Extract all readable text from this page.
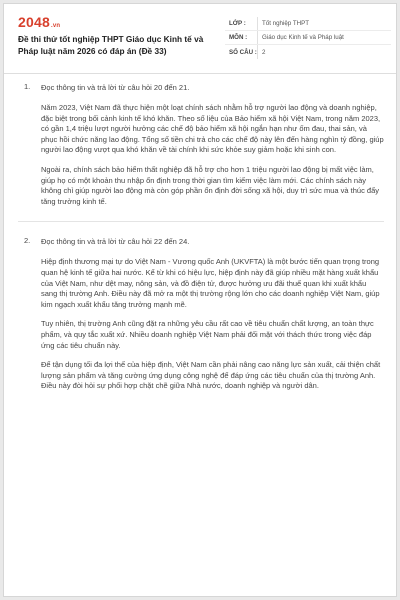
2048.vn
Đề thi thử tốt nghiệp THPT Giáo dục Kinh tế và Pháp luật năm 2026 có đáp án (Đề 33)
LỚP :	Tốt nghiệp THPT
MÔN :	Giáo dục Kinh tế và Pháp luật
SỐ CÂU : 2
1. Đọc thông tin và trả lời từ câu hỏi 20 đến 21.

Năm 2023, Việt Nam đã thực hiện một loạt chính sách nhằm hỗ trợ người lao động và doanh nghiệp, đặc biệt trong bối cảnh kinh tế khó khăn. Theo số liệu của Bảo hiểm xã hội Việt Nam, trong năm 2023, có gần 1,4 triệu lượt người hưởng các chế độ bảo hiểm xã hội ngắn hạn như ốm đau, thai sản, và phục hồi chức năng lao động. Tổng số tiền chi trả cho các chế độ này lên đến hàng nghìn tỷ đồng, giúp người lao động vượt qua khó khăn về tài chính khi sức khỏe suy giảm hoặc khi sinh con.

Ngoài ra, chính sách bảo hiểm thất nghiệp đã hỗ trợ cho hơn 1 triệu người lao động bị mất việc làm, giúp họ có một khoản thu nhập ổn định trong thời gian tìm kiếm việc làm mới. Các chính sách này không chỉ giúp người lao động mà còn góp phần ổn định đời sống xã hội, duy trì sức mua và thúc đẩy tăng trưởng kinh tế.

2. Đọc thông tin và trả lời từ câu hỏi 22 đến 24.

Hiệp định thương mại tự do Việt Nam - Vương quốc Anh (UKVFTA) là một bước tiến quan trọng trong quan hệ kinh tế giữa hai nước. Kể từ khi có hiệu lực, hiệp định này đã giúp nhiều mặt hàng xuất khẩu của Việt Nam, như dệt may, nông sản, và đồ điện tử, được hưởng ưu đãi thuế quan khi xuất khẩu sang thị trường Anh. Điều này đã mở ra một thị trường rộng lớn cho các doanh nghiệp Việt Nam, giúp kim ngạch xuất khẩu tăng trưởng mạnh mẽ.

Tuy nhiên, thị trường Anh cũng đặt ra những yêu cầu rất cao về tiêu chuẩn chất lượng, an toàn thực phẩm, và quy tắc xuất xứ. Nhiều doanh nghiệp Việt Nam phải đối mặt với thách thức trong việc đáp ứng các tiêu chuẩn này.

Để tận dụng tối đa lợi thế của hiệp định, Việt Nam cần phải nâng cao năng lực sản xuất, cải thiện chất lượng sản phẩm và tăng cường ứng dụng công nghệ để đáp ứng các tiêu chuẩn của thị trường Anh. Điều này đòi hỏi sự phối hợp chặt chẽ giữa Nhà nước, doanh nghiệp và người dân.
